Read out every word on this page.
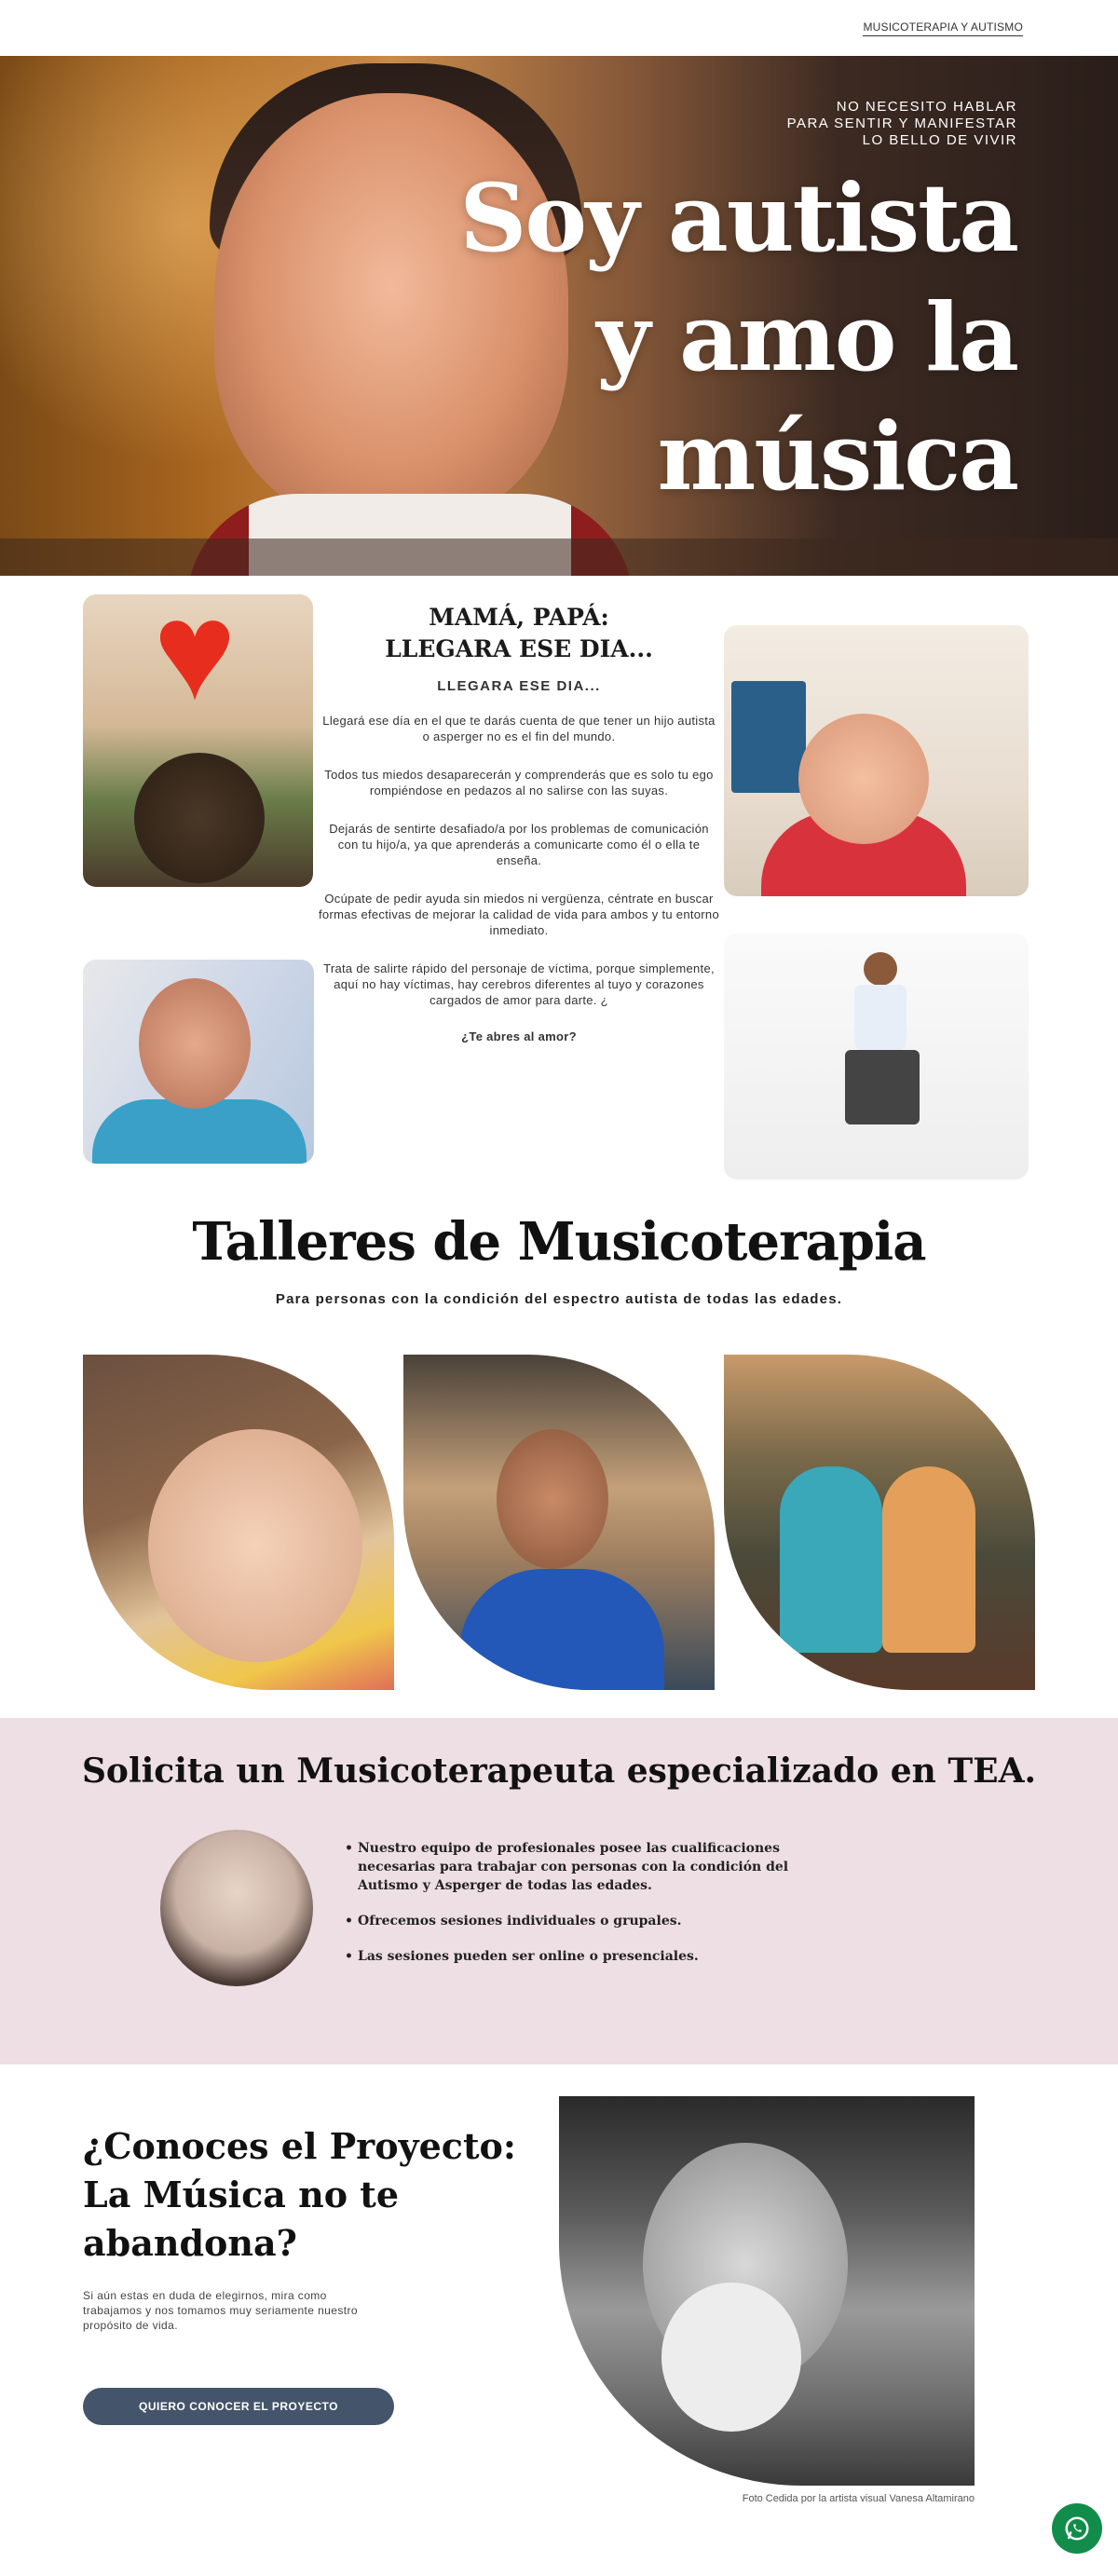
MUSICOTERAPIA Y AUTISMO
NO NECESITO HABLAR
PARA SENTIR Y MANIFESTAR
LO BELLO DE VIVIR
Soy autista
y amo la
música
♥	MAMÁ, PAPÁ:
LLEGARA ESE DIA...
LLEGARA ESE DIA...

Llegará ese día en el que te darás cuenta de que tener un hijo autista o asperger no es el fin del mundo.

Todos tus miedos desaparecerán y comprenderás que es solo tu ego rompiéndose en pedazos al no salirse con las suyas.

Dejarás de sentirte desafiado/a por los problemas de comunicación con tu hijo/a, ya que aprenderás a comunicarte como él o ella te enseña.

Ocúpate de pedir ayuda sin miedos ni vergüenza, céntrate en buscar formas efectivas de mejorar la calidad de vida para ambos y tu entorno inmediato.

Trata de salirte rápido del personaje de víctima, porque simplemente, aquí no hay víctimas, hay cerebros diferentes al tuyo y corazones cargados de amor para darte. ¿

¿Te abres al amor?

Talleres de Musicoterapia
Para personas con la condición del espectro autista de todas las edades.
Solicita un Musicoterapeuta especializado en TEA.
• Nuestro equipo de profesionales posee las cualificaciones necesarias para trabajar con personas con la condición del Autismo y Asperger de todas las edades.
• Ofrecemos sesiones individuales o grupales.
• Las sesiones pueden ser online o presenciales.
¿Conoces el Proyecto: La Música no te abandona?

Si aún estas en duda de elegirnos, mira como trabajamos y nos tomamos muy seriamente nuestro propósito de vida.

QUIERO CONOCER EL PROYECTO
Foto Cedida por la artista visual Vanesa Altamirano
